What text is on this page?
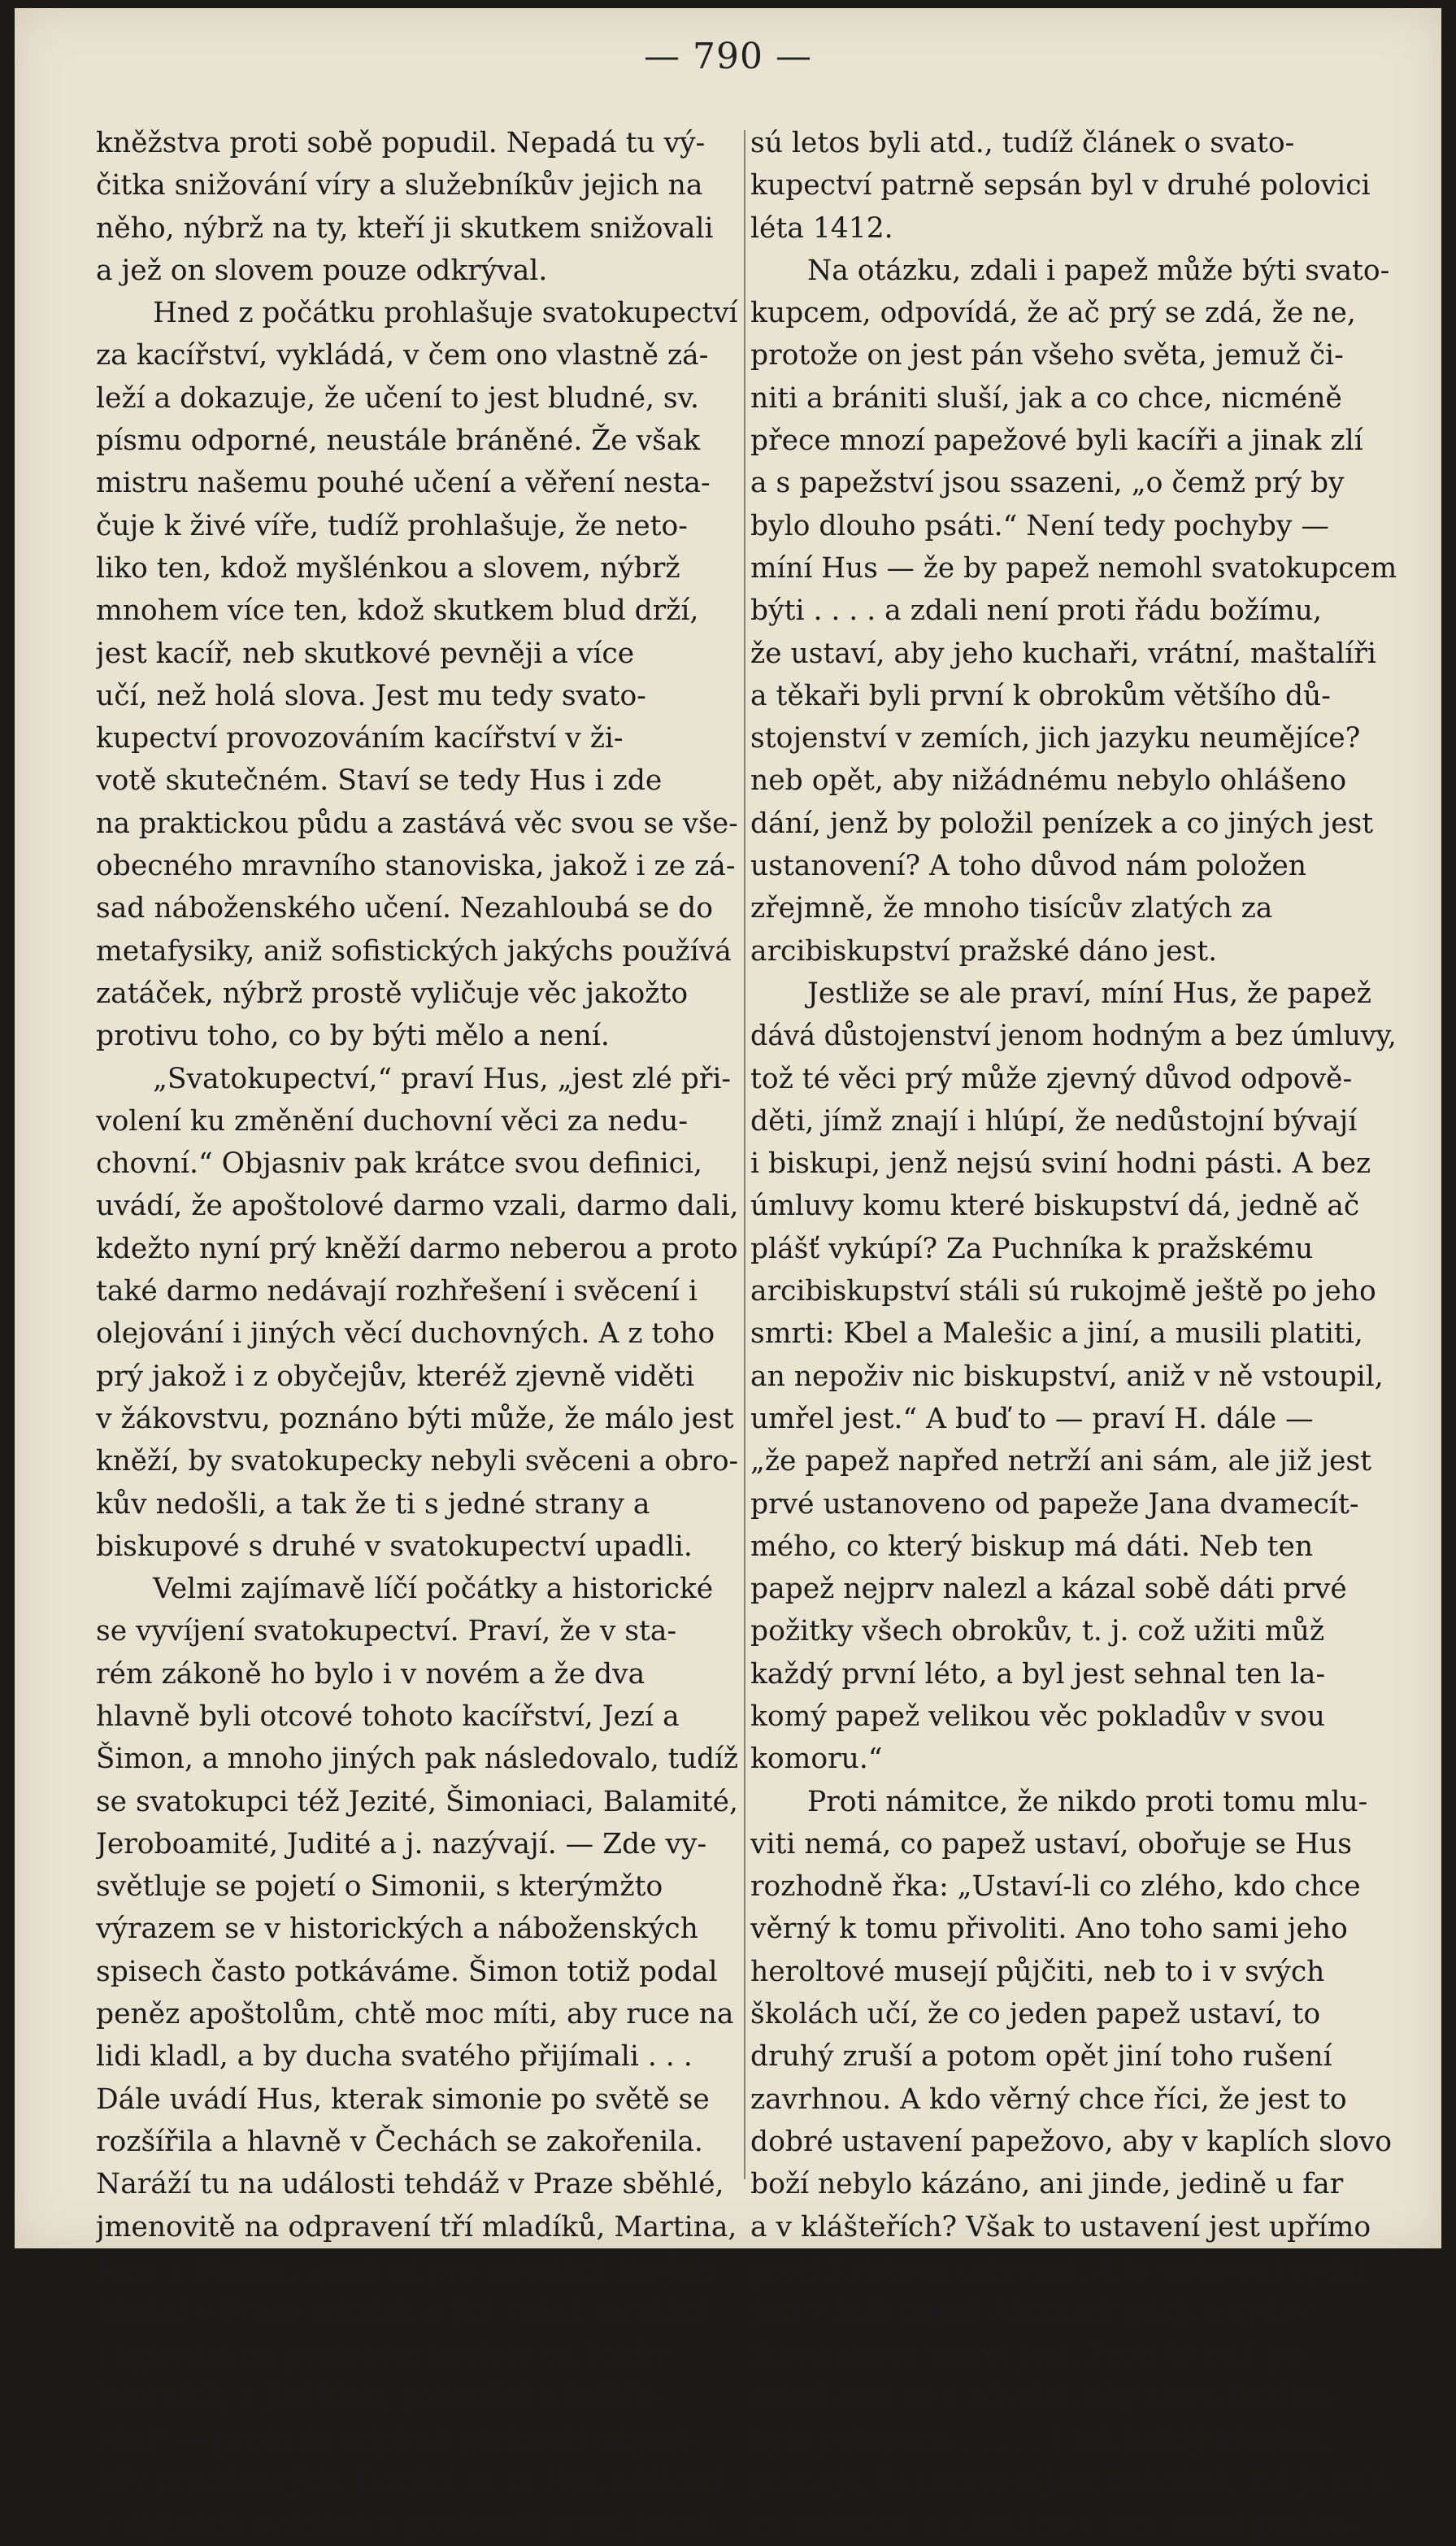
— 790 —
kněžstva proti sobě popudil. Nepadá tu vý-
čitka snižování víry a služebníkův jejich na
něho, nýbrž na ty, kteří ji skutkem snižovali
a jež on slovem pouze odkrýval.
Hned z počátku prohlašuje svatokupectví
za kacířství, vykládá, v čem ono vlastně zá-
leží a dokazuje, že učení to jest bludné, sv.
písmu odporné, neustále bráněné. Že však
mistru našemu pouhé učení a věření nesta-
čuje k živé víře, tudíž prohlašuje, že neto-
liko ten, kdož myšlénkou a slovem, nýbrž
mnohem více ten, kdož skutkem blud drží,
jest kacíř, neb skutkové pevněji a více
učí, než holá slova. Jest mu tedy svato-
kupectví provozováním kacířství v ži-
votě skutečném. Staví se tedy Hus i zde
na praktickou půdu a zastává věc svou se vše-
obecného mravního stanoviska, jakož i ze zá-
sad náboženského učení. Nezahloubá se do
metafysiky, aniž sofistických jakýchs používá
zatáček, nýbrž prostě vyličuje věc jakožto
protivu toho, co by býti mělo a není.
„Svatokupectví,“ praví Hus, „jest zlé při-
volení ku změnění duchovní věci za nedu-
chovní.“ Objasniv pak krátce svou definici,
uvádí, že apoštolové darmo vzali, darmo dali,
kdežto nyní prý kněží darmo neberou a proto
také darmo nedávají rozhřešení i svěcení i
olejování i jiných věcí duchovných. A z toho
prý jakož i z obyčejův, kteréž zjevně viděti
v žákovstvu, poznáno býti může, že málo jest
kněží, by svatokupecky nebyli svěceni a obro-
kův nedošli, a tak že ti s jedné strany a
biskupové s druhé v svatokupectví upadli.
Velmi zajímavě líčí počátky a historické
se vyvíjení svatokupectví. Praví, že v sta-
rém zákoně ho bylo i v novém a že dva
hlavně byli otcové tohoto kacířství, Jezí a
Šimon, a mnoho jiných pak následovalo, tudíž
se svatokupci též Jezité, Šimoniaci, Balamité,
Jeroboamité, Judité a j. nazývají. — Zde vy-
světluje se pojetí o Simonii, s kterýmžto
výrazem se v historických a náboženských
spisech často potkáváme. Šimon totiž podal
peněz apoštolům, chtě moc míti, aby ruce na
lidi kladl, a by ducha svatého přijímali . . .
Dále uvádí Hus, kterak simonie po světě se
rozšířila a hlavně v Čechách se zakořenila.
Naráží tu na události tehdáž v Praze sběhlé,
jmenovitě na odpravení tří mladíků, Martina,
Jana a Staška, „jenž sú pro odvolání lživých
kázání v Praze stínáni, a jiní rváni, mrskáni
i kyjováni na pražském kostele od žákův
kuorních, a jiní kleti, pohaněni a žalářo-
váni“ — proto že odpírali platnosti odpust-
kův prodávaných. Dotýká se tu Hus události
v dějinách uváděné a poněvadž praví, jakož
sú letos byli atd., tudíž článek o svato-
kupectví patrně sepsán byl v druhé polovici
léta 1412.
Na otázku, zdali i papež může býti svato-
kupcem, odpovídá, že ač prý se zdá, že ne,
protože on jest pán všeho světa, jemuž či-
niti a brániti sluší, jak a co chce, nicméně
přece mnozí papežové byli kacíři a jinak zlí
a s papežství jsou ssazeni, „o čemž prý by
bylo dlouho psáti.“ Není tedy pochyby —
míní Hus — že by papež nemohl svatokupcem
býti . . . . a zdali není proti řádu božímu,
že ustaví, aby jeho kuchaři, vrátní, maštalíři
a těkaři byli první k obrokům většího dů-
stojenství v zemích, jich jazyku neumějíce?
neb opět, aby nižádnému nebylo ohlášeno
dání, jenž by položil penízek a co jiných jest
ustanovení? A toho důvod nám položen
zřejmně, že mnoho tisícův zlatých za
arcibiskupství pražské dáno jest.
Jestliže se ale praví, míní Hus, že papež
dává důstojenství jenom hodným a bez úmluvy,
tož té věci prý může zjevný důvod odpově-
děti, jímž znají i hlúpí, že nedůstojní bývají
i biskupi, jenž nejsú sviní hodni pásti. A bez
úmluvy komu které biskupství dá, jedně ač
plášť vykúpí? Za Puchníka k pražskému
arcibiskupství stáli sú rukojmě ještě po jeho
smrti: Kbel a Malešic a jiní, a musili platiti,
an nepoživ nic biskupství, aniž v ně vstoupil,
umřel jest.“ A buď to — praví H. dále —
„že papež napřed netrží ani sám, ale již jest
prvé ustanoveno od papeže Jana dvamecít-
mého, co který biskup má dáti. Neb ten
papež nejprv nalezl a kázal sobě dáti prvé
požitky všech obrokův, t. j. což užiti můž
každý první léto, a byl jest sehnal ten la-
komý papež velikou věc pokladův v svou
komoru.“
Proti námitce, že nikdo proti tomu mlu-
viti nemá, co papež ustaví, obořuje se Hus
rozhodně řka: „Ustaví-li co zlého, kdo chce
věrný k tomu přivoliti. Ano toho sami jeho
heroltové musejí půjčiti, neb to i v svých
školách učí, že co jeden papež ustaví, to
druhý zruší a potom opět jiní toho rušení
zavrhnou. A kdo věrný chce říci, že jest to
dobré ustavení papežovo, aby v kaplích slovo
boží nebylo kázáno, ani jinde, jedině u far
a v klášteřích? Však to ustavení jest upřímo
proti Kristovu ustavení. A to ustavení vydal
jest v buli papež Alexandr pátý, a vydav
ihned skoro umřel jest. Proti té buli po-
stavil sem se a odvolal, aby slovo boží ne-
bylo potupeno . . . . , I tak každý křesťan,
poznaje, že ustavení jest nehodné, má je míti
za nehodné a nikoli ho v tom nemá poslou-
